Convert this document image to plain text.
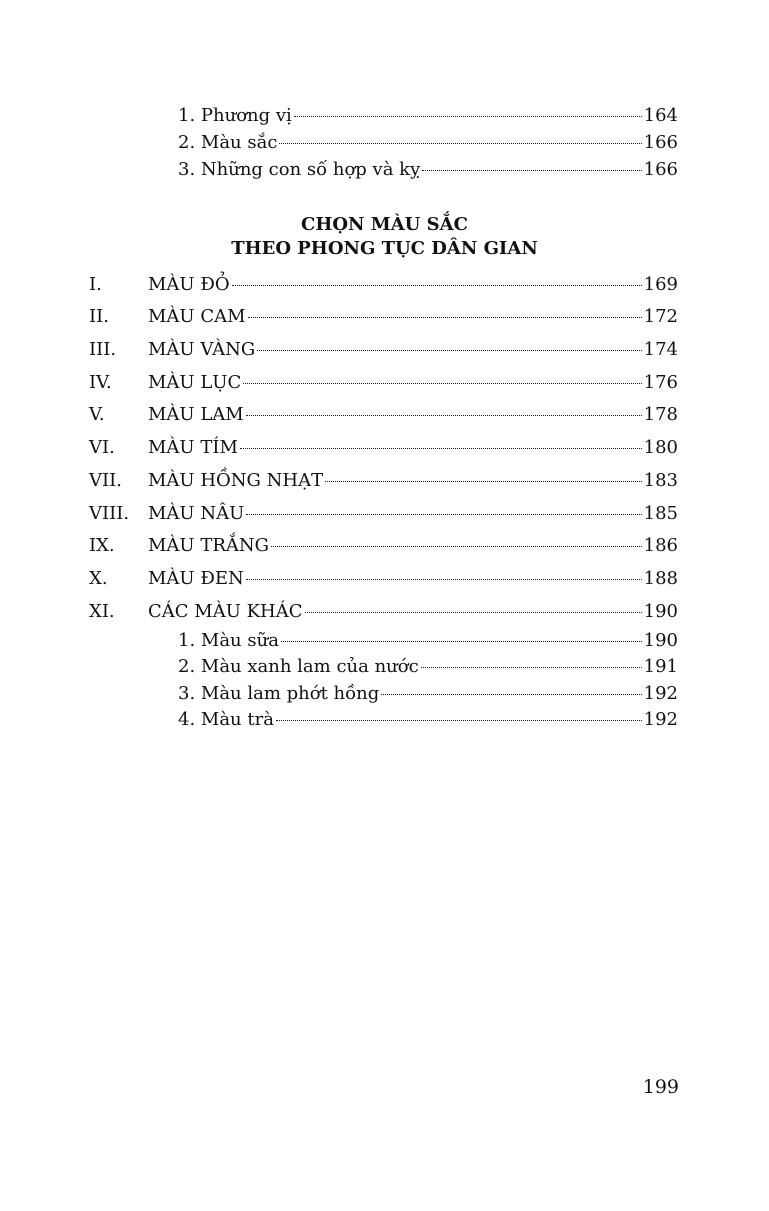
1. Phương vị	164
2. Màu sắc	166
3. Những con số hợp và kỵ	166
CHỌN MÀU SẮC
THEO PHONG TỤC DÂN GIAN
I.	MÀU ĐỎ	169
II.	MÀU CAM	172
III.	MÀU VÀNG	174
IV.	MÀU LỤC	176
V.	MÀU LAM	178
VI.	MÀU TÍM	180
VII.	MÀU HỒNG NHẠT	183
VIII.	MÀU NÂU	185
IX.	MÀU TRẮNG	186
X.	MÀU ĐEN	188
XI.	CÁC MÀU KHÁC	190
1. Màu sữa	190
2. Màu xanh lam của nước	191
3. Màu lam phớt hồng	192
4. Màu trà	192
199
